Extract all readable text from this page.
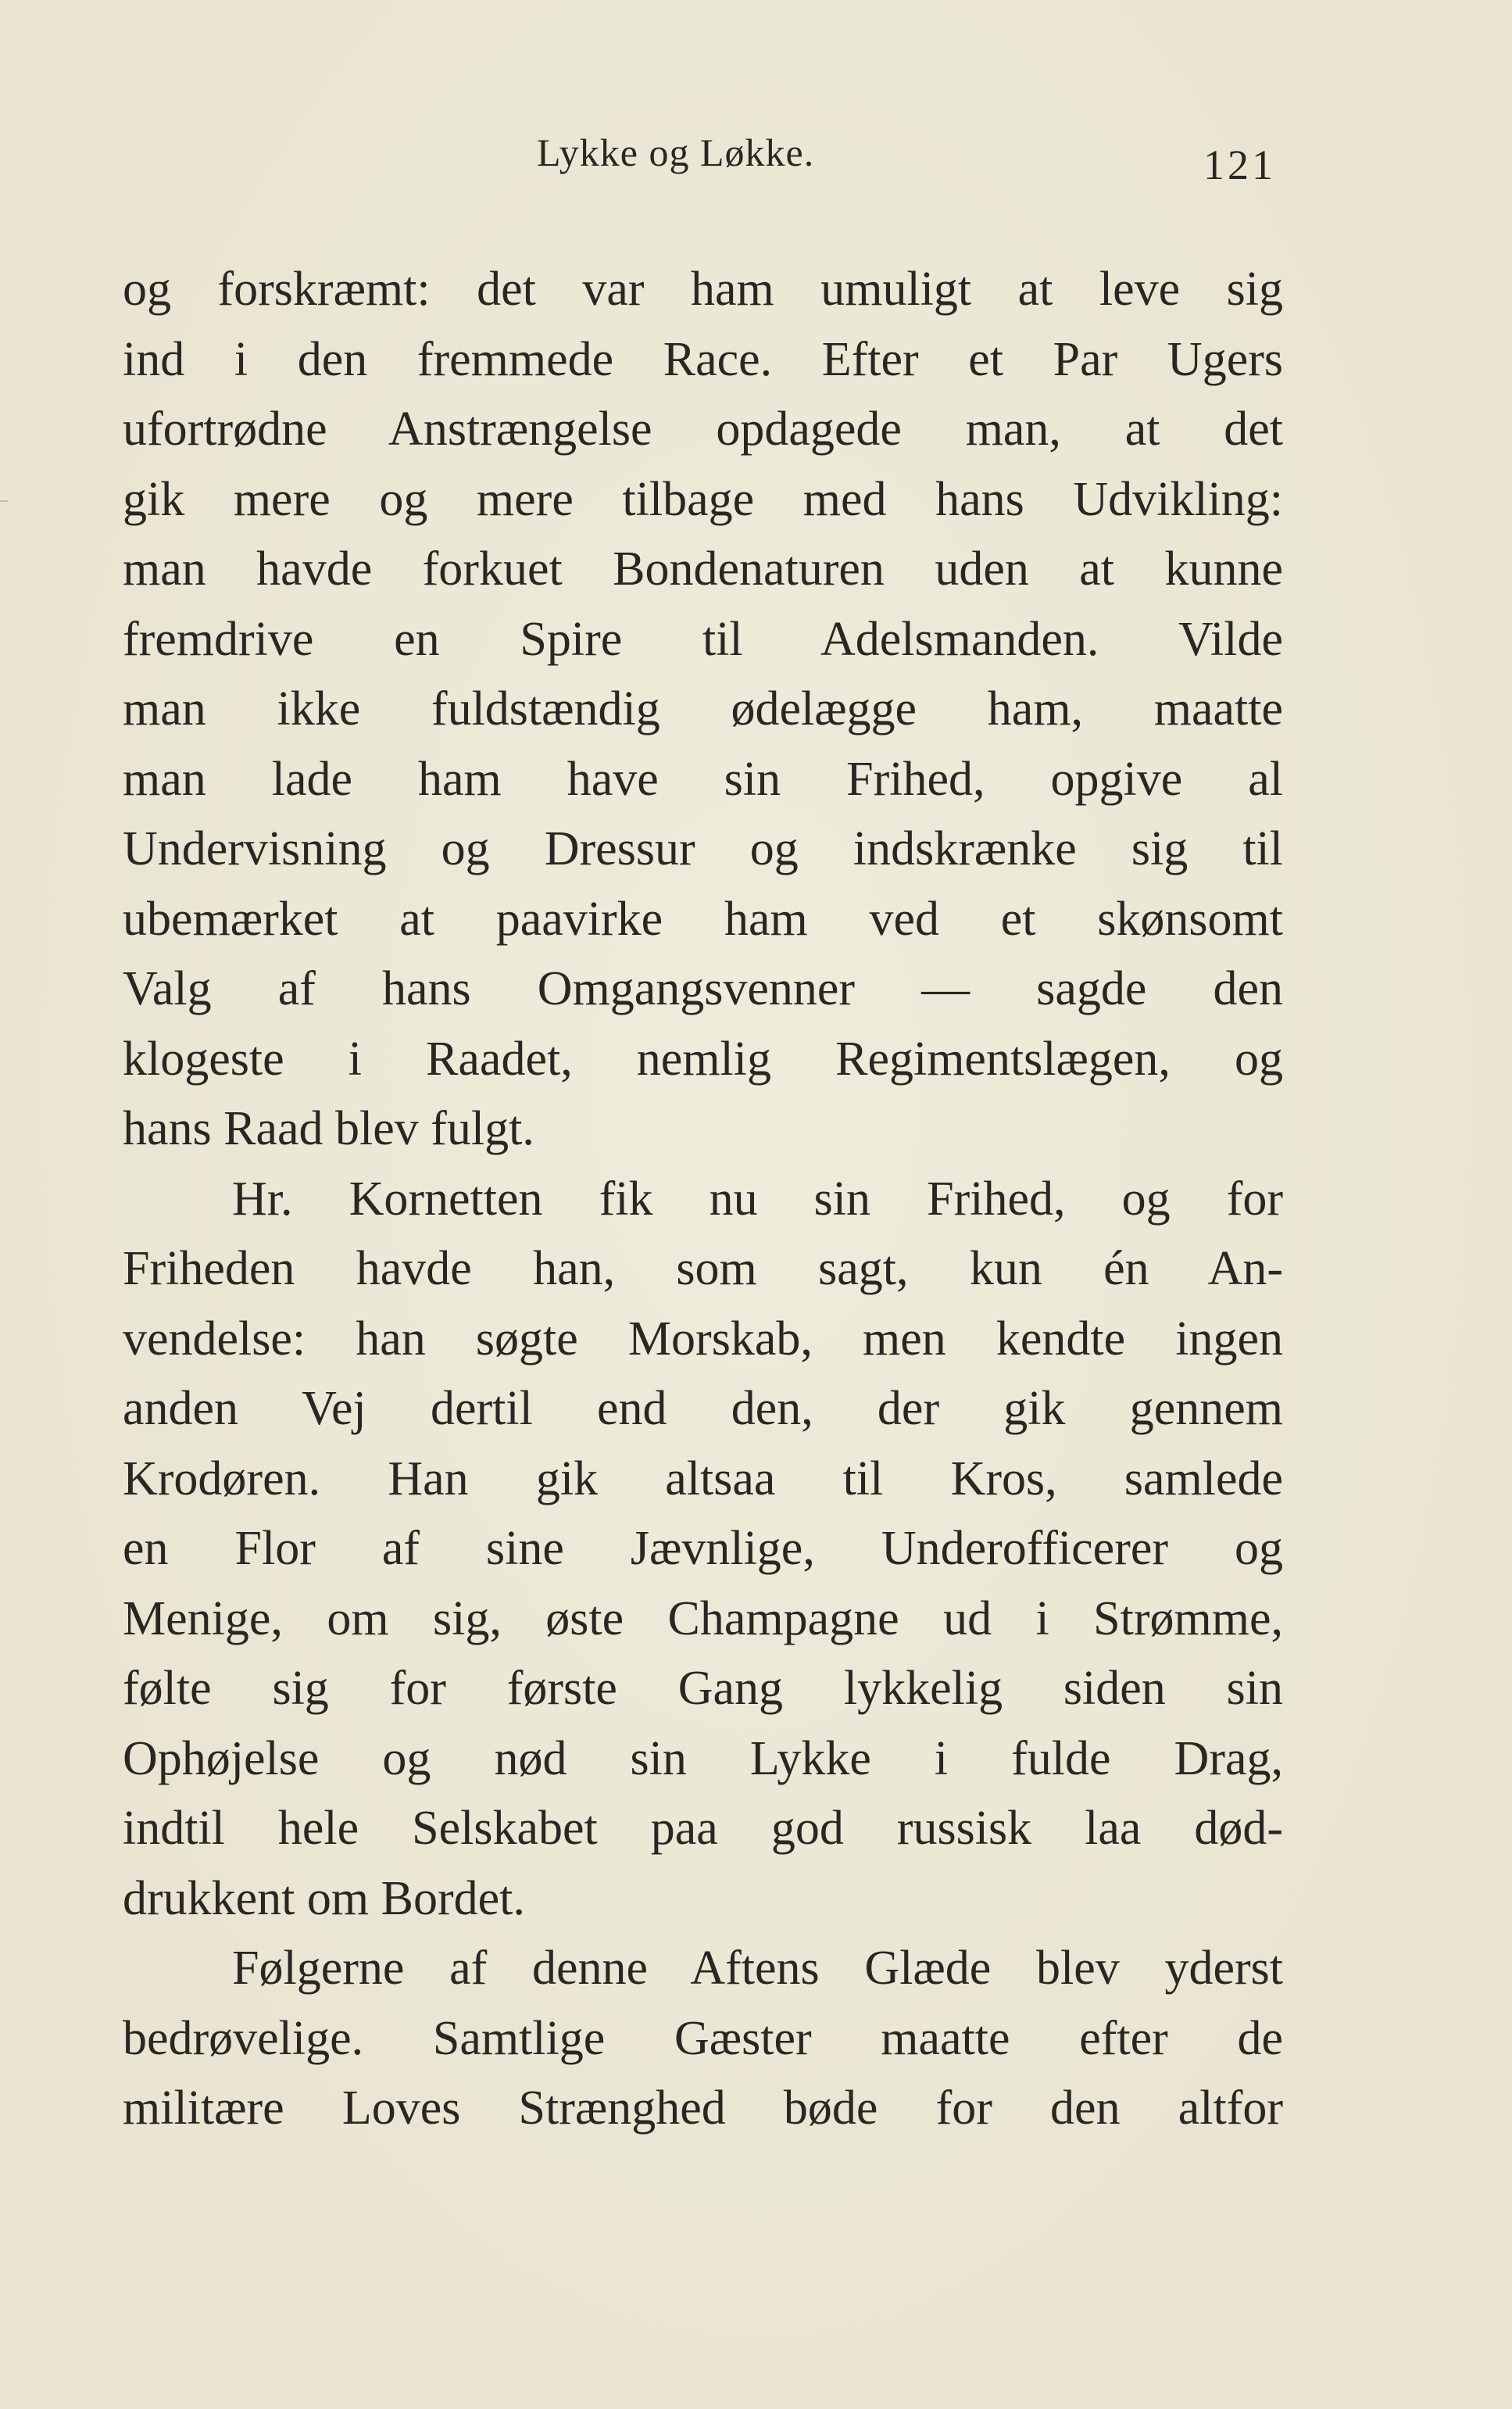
Lykke og Løkke.	121
og forskræmt: det var ham umuligt at leve sig
ind i den fremmede Race. Efter et Par Ugers
ufortrødne Anstrængelse opdagede man, at det
gik mere og mere tilbage med hans Udvikling:
man havde forkuet Bondenaturen uden at kunne
fremdrive en Spire til Adelsmanden. Vilde
man ikke fuldstændig ødelægge ham, maatte
man lade ham have sin Frihed, opgive al
Undervisning og Dressur og indskrænke sig til
ubemærket at paavirke ham ved et skønsomt
Valg af hans Omgangsvenner — sagde den
klogeste i Raadet, nemlig Regimentslægen, og
hans Raad blev fulgt.
Hr. Kornetten fik nu sin Frihed, og for
Friheden havde han, som sagt, kun én An-
vendelse: han søgte Morskab, men kendte ingen
anden Vej dertil end den, der gik gennem
Krodøren. Han gik altsaa til Kros, samlede
en Flor af sine Jævnlige, Underofficerer og
Menige, om sig, øste Champagne ud i Strømme,
følte sig for første Gang lykkelig siden sin
Ophøjelse og nød sin Lykke i fulde Drag,
indtil hele Selskabet paa god russisk laa død-
drukkent om Bordet.
Følgerne af denne Aftens Glæde blev yderst
bedrøvelige. Samtlige Gæster maatte efter de
militære Loves Strænghed bøde for den altfor
